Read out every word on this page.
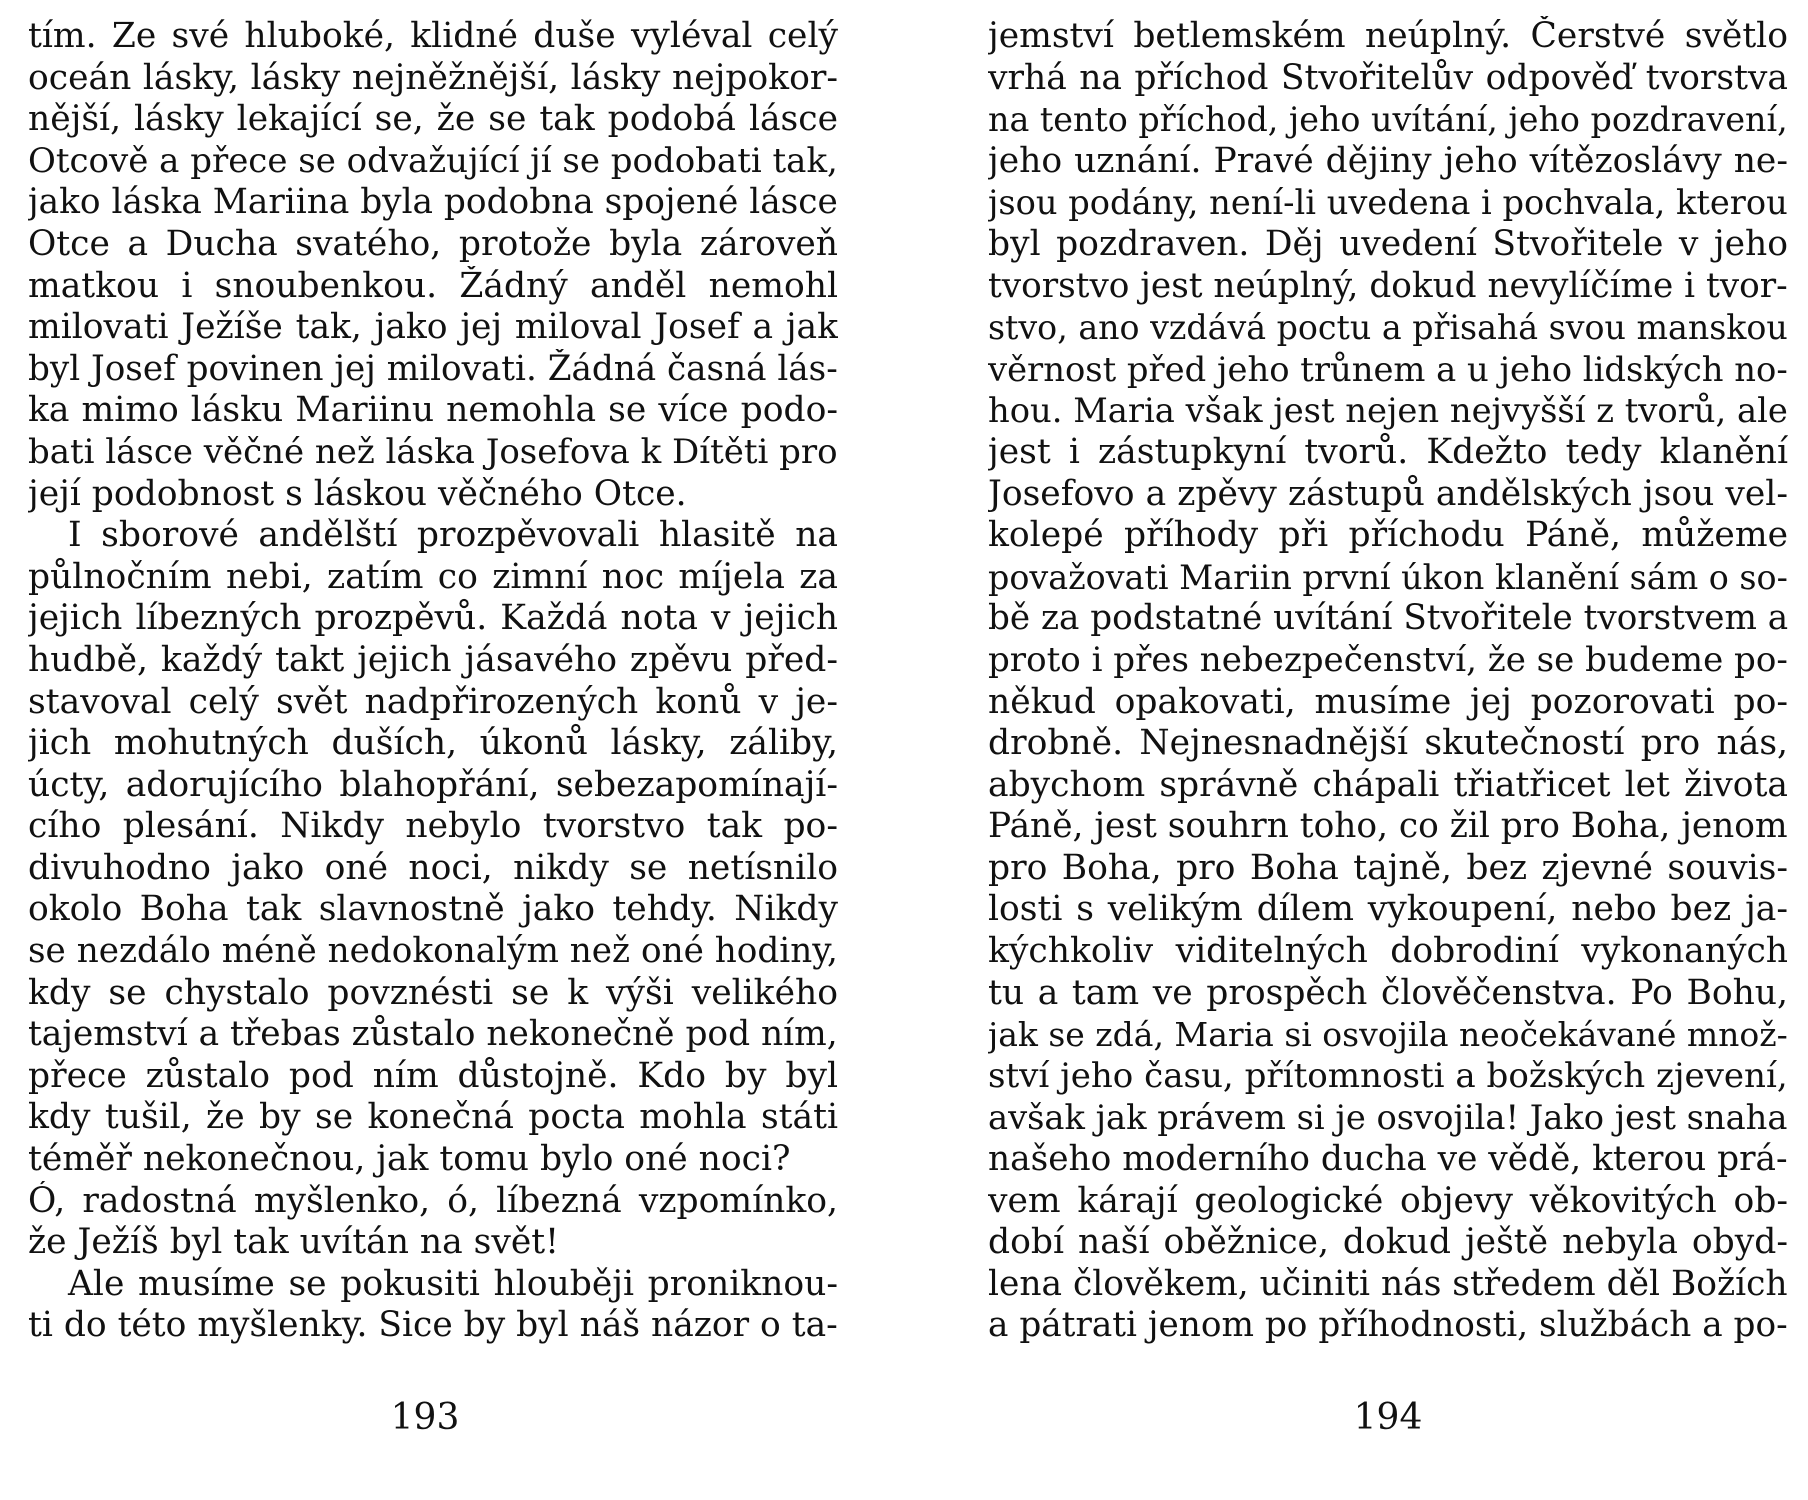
tím. Ze své hluboké, klidné duše vyléval celý
oceán lásky, lásky nejněžnější, lásky nejpokor-
nější, lásky lekající se, že se tak podobá lásce
Otcově a přece se odvažující jí se podobati tak,
jako láska Mariina byla podobna spojené lásce
Otce a Ducha svatého, protože byla zároveň
matkou i snoubenkou. Žádný anděl nemohl
milovati Ježíše tak, jako jej miloval Josef a jak
byl Josef povinen jej milovati. Žádná časná lás-
ka mimo lásku Mariinu nemohla se více podo-
bati lásce věčné než láska Josefova k Dítěti pro
její podobnost s láskou věčného Otce.
I sborové andělští prozpěvovali hlasitě na
půlnočním nebi, zatím co zimní noc míjela za
jejich líbezných prozpěvů. Každá nota v jejich
hudbě, každý takt jejich jásavého zpěvu před-
stavoval celý svět nadpřirozených konů v je-
jich mohutných duších, úkonů lásky, záliby,
úcty, adorujícího blahopřání, sebezapomínají-
cího plesání. Nikdy nebylo tvorstvo tak po-
divuhodno jako oné noci, nikdy se netísnilo
okolo Boha tak slavnostně jako tehdy. Nikdy
se nezdálo méně nedokonalým než oné hodiny,
kdy se chystalo povznésti se k výši velikého
tajemství a třebas zůstalo nekonečně pod ním,
přece zůstalo pod ním důstojně. Kdo by byl
kdy tušil, že by se konečná pocta mohla státi
téměř nekonečnou, jak tomu bylo oné noci?
Ó, radostná myšlenko, ó, líbezná vzpomínko,
že Ježíš byl tak uvítán na svět!
Ale musíme se pokusiti hlouběji proniknou-
ti do této myšlenky. Sice by byl náš názor o ta-
193
jemství betlemském neúplný. Čerstvé světlo
vrhá na příchod Stvořitelův odpověď tvorstva
na tento příchod, jeho uvítání, jeho pozdravení,
jeho uznání. Pravé dějiny jeho vítězoslávy ne-
jsou podány, není-li uvedena i pochvala, kterou
byl pozdraven. Děj uvedení Stvořitele v jeho
tvorstvo jest neúplný, dokud nevylíčíme i tvor-
stvo, ano vzdává poctu a přisahá svou manskou
věrnost před jeho trůnem a u jeho lidských no-
hou. Maria však jest nejen nejvyšší z tvorů, ale
jest i zástupkyní tvorů. Kdežto tedy klanění
Josefovo a zpěvy zástupů andělských jsou vel-
kolepé příhody při příchodu Páně, můžeme
považovati Mariin první úkon klanění sám o so-
bě za podstatné uvítání Stvořitele tvorstvem a
proto i přes nebezpečenství, že se budeme po-
někud opakovati, musíme jej pozorovati po-
drobně. Nejnesnadnější skutečností pro nás,
abychom správně chápali třiatřicet let života
Páně, jest souhrn toho, co žil pro Boha, jenom
pro Boha, pro Boha tajně, bez zjevné souvis-
losti s velikým dílem vykoupení, nebo bez ja-
kýchkoliv viditelných dobrodiní vykonaných
tu a tam ve prospěch člověčenstva. Po Bohu,
jak se zdá, Maria si osvojila neočekávané množ-
ství jeho času, přítomnosti a božských zjevení,
avšak jak právem si je osvojila! Jako jest snaha
našeho moderního ducha ve vědě, kterou prá-
vem kárají geologické objevy věkovitých ob-
dobí naší oběžnice, dokud ještě nebyla obyd-
lena člověkem, učiniti nás středem děl Božích
a pátrati jenom po příhodnosti, službách a po-
194
